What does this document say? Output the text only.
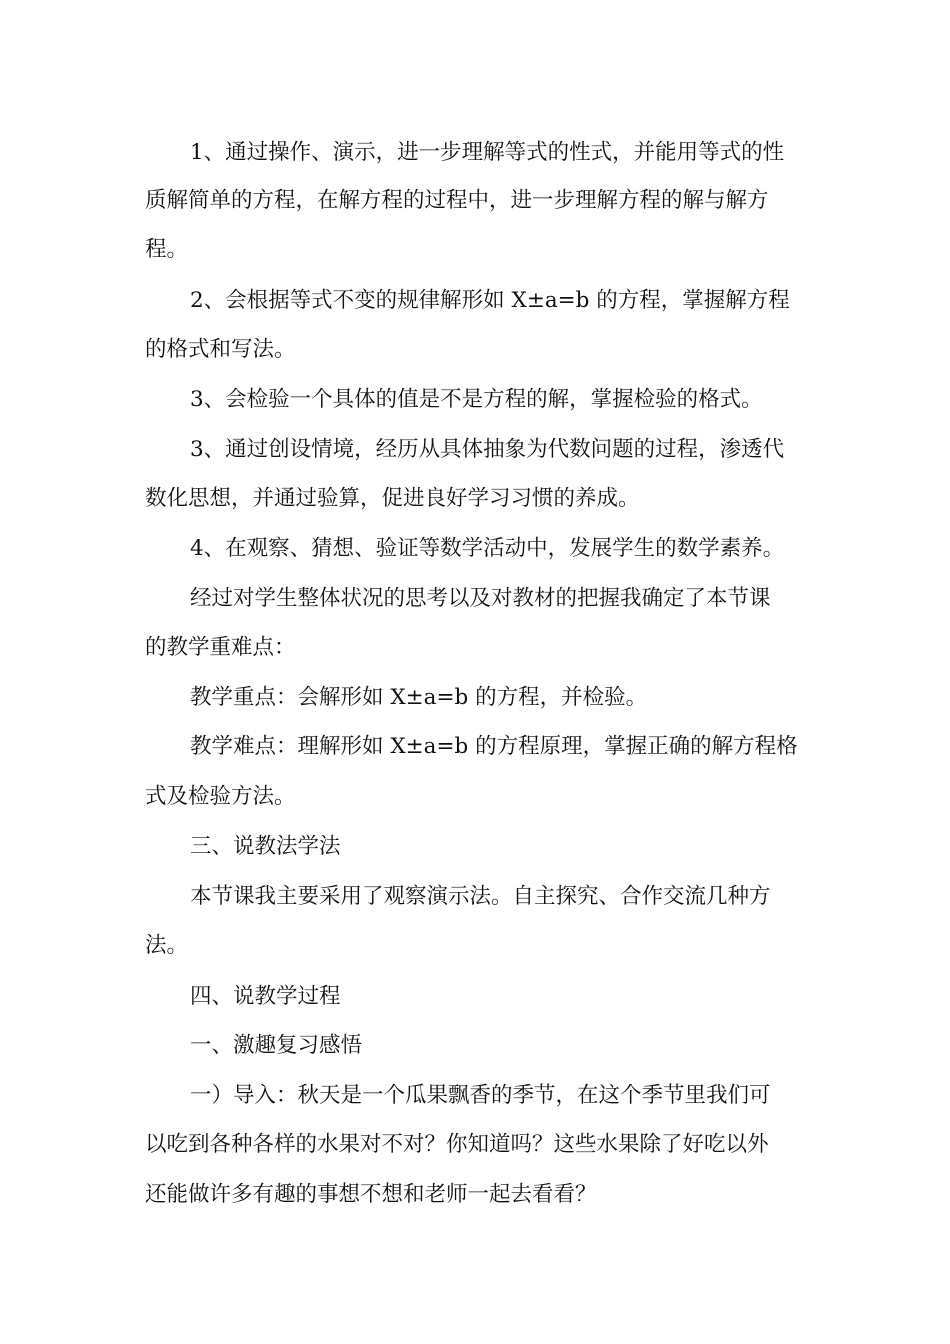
1、通过操作、演示，进一步理解等式的性式，并能用等式的性
质解简单的方程，在解方程的过程中，进一步理解方程的解与解方
程。
2、会根据等式不变的规律解形如 X±a=b 的方程，掌握解方程
的格式和写法。
3、会检验一个具体的值是不是方程的解，掌握检验的格式。
3、通过创设情境，经历从具体抽象为代数问题的过程，渗透代
数化思想，并通过验算，促进良好学习习惯的养成。
4、在观察、猜想、验证等数学活动中，发展学生的数学素养。
经过对学生整体状况的思考以及对教材的把握我确定了本节课
的教学重难点：
教学重点：会解形如 X±a=b 的方程，并检验。
教学难点：理解形如 X±a=b 的方程原理，掌握正确的解方程格
式及检验方法。
三、说教法学法
本节课我主要采用了观察演示法。自主探究、合作交流几种方
法。
四、说教学过程
一、激趣复习感悟
一）导入：秋天是一个瓜果飘香的季节，在这个季节里我们可
以吃到各种各样的水果对不对？你知道吗？这些水果除了好吃以外
还能做许多有趣的事想不想和老师一起去看看？
